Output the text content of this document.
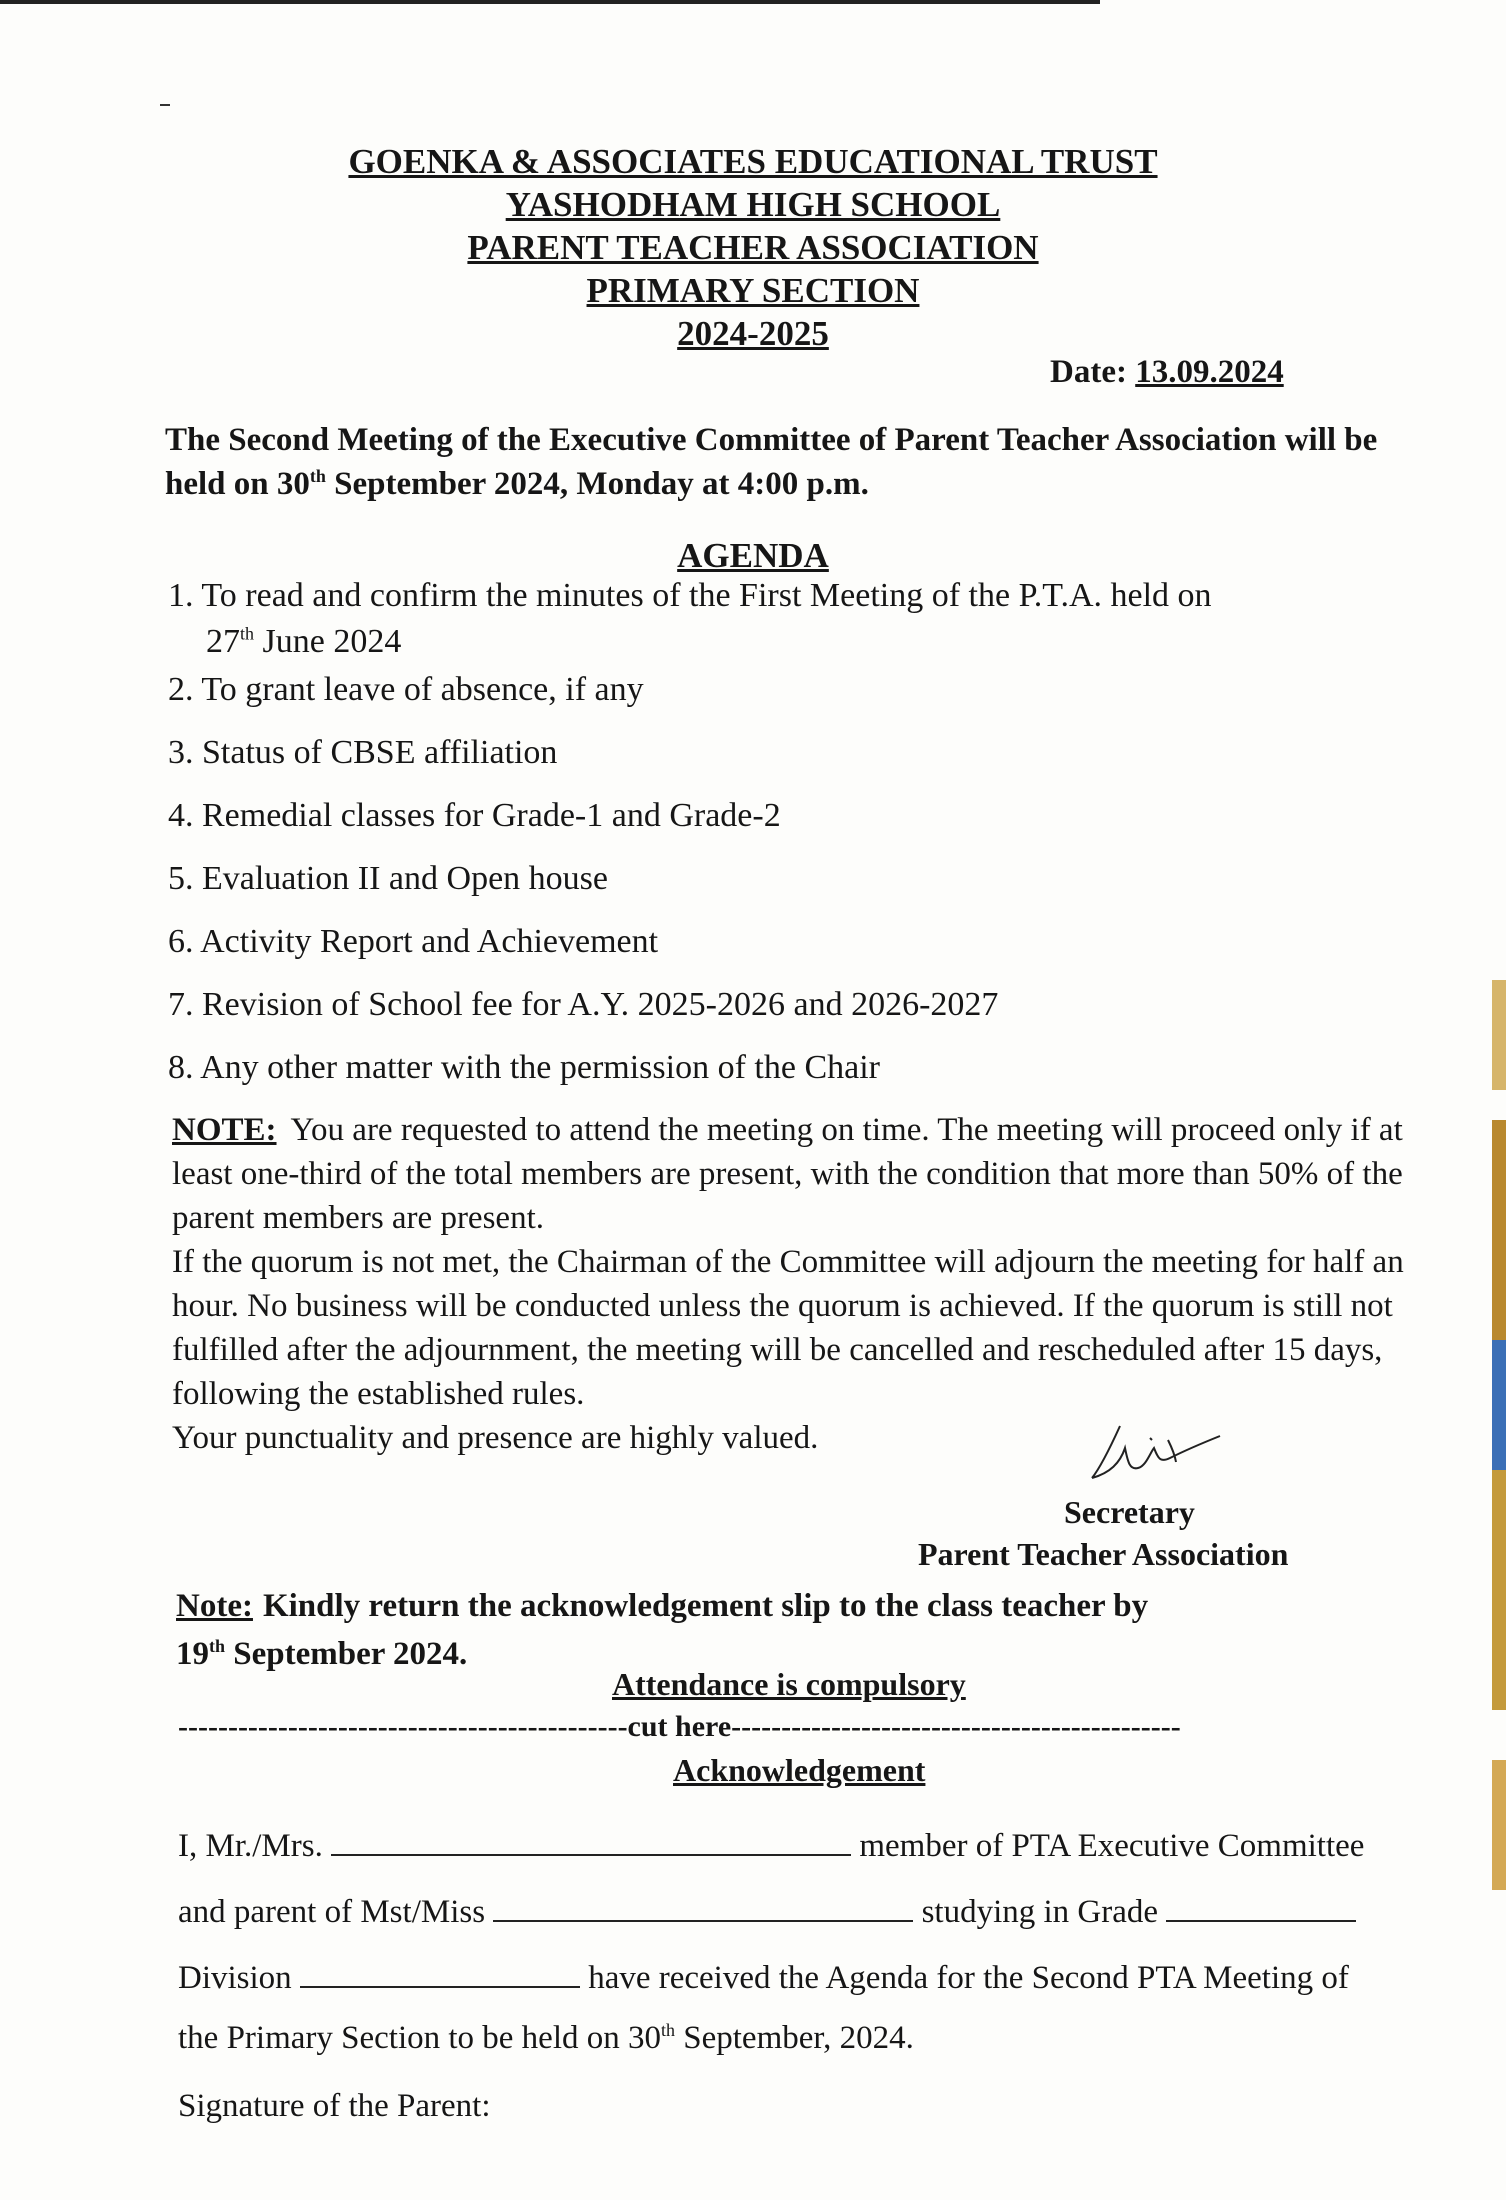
GOENKA & ASSOCIATES EDUCATIONAL TRUST
YASHODHAM HIGH SCHOOL
PARENT TEACHER ASSOCIATION
PRIMARY SECTION
2024-2025
Date: 13.09.2024
The Second Meeting of the Executive Committee of Parent Teacher Association will be held on 30th September 2024, Monday at 4:00 p.m.
AGENDA
1. To read and confirm the minutes of the First Meeting of the P.T.A. held on
27th June 2024
2. To grant leave of absence, if any
3. Status of CBSE affiliation
4. Remedial classes for Grade-1 and Grade-2
5. Evaluation II and Open house
6. Activity Report and Achievement
7. Revision of School fee for A.Y. 2025-2026 and 2026-2027
8. Any other matter with the permission of the Chair

NOTE: You are requested to attend the meeting on time. The meeting will proceed only if at least one-third of the total members are present, with the condition that more than 50% of the parent members are present.

If the quorum is not met, the Chairman of the Committee will adjourn the meeting for half an hour. No business will be conducted unless the quorum is achieved. If the quorum is still not fulfilled after the adjournment, the meeting will be cancelled and rescheduled after 15 days, following the established rules.

Your punctuality and presence are highly valued.

Secretary
Parent Teacher Association
Note: Kindly return the acknowledgement slip to the class teacher by
19th September 2024.
Attendance is compulsory
---------------------------------------------cut here---------------------------------------------
Acknowledgement
I, Mr./Mrs.	member of PTA Executive Committee
and parent of Mst/Miss	studying in Grade
Division	have received the Agenda for the Second PTA Meeting of
the Primary Section to be held on 30th September, 2024.
Signature of the Parent:
